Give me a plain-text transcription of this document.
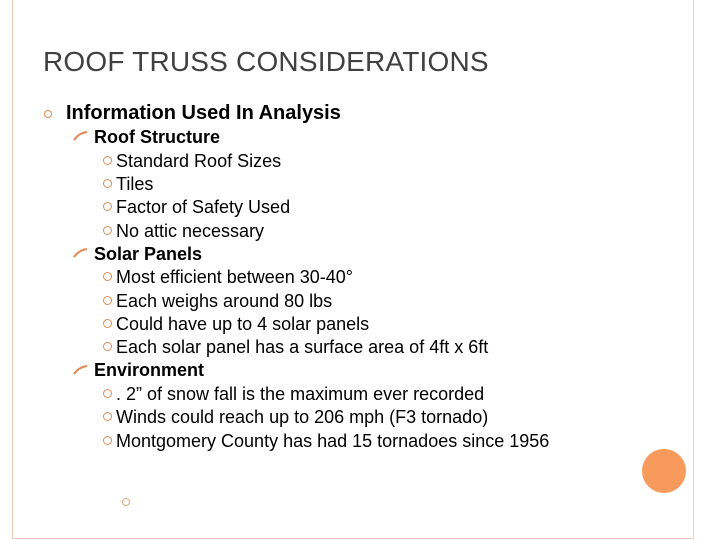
ROOF TRUSS CONSIDERATIONS
Information Used In Analysis
Roof Structure
Standard Roof Sizes
Tiles
Factor of Safety Used
No attic necessary
Solar Panels
Most efficient between 30-40°
Each weighs around 80 lbs
Could have up to 4 solar panels
Each solar panel has a surface area of 4ft x 6ft
Environment
. 2” of snow fall is the maximum ever recorded
Winds could reach up to 206 mph (F3 tornado)
Montgomery County has had 15 tornadoes since 1956
